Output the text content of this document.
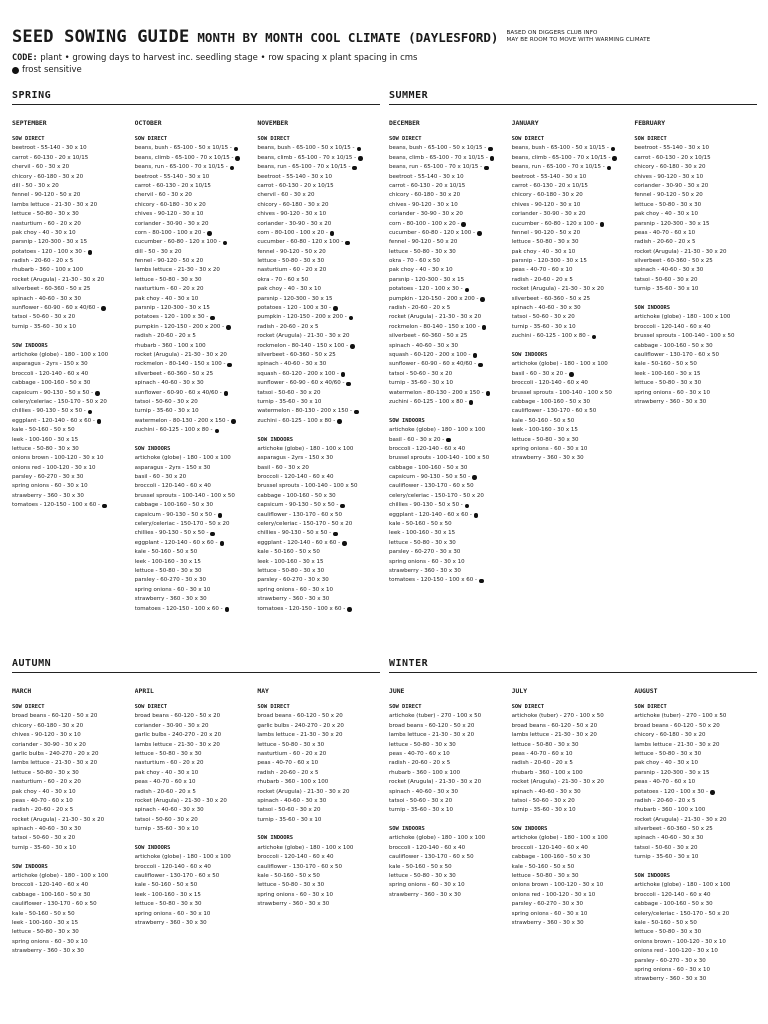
SEED SOWING GUIDE MONTH BY MONTH COOL CLIMATE (DAYLESFORD) BASED ON DIGGERS CLUB INFO
MAY BE ROOM TO MOVE WITH WARMING CLIMATE
CODE: plant • growing days to harvest inc. seedling stage • row spacing x plant spacing in cms
frost sensitive
SPRING
SEPTEMBER
SOW DIRECT
beetroot - 55-140 - 30 x 10
carrot - 60-130 - 20 x 10/15
chervil - 60 - 30 x 20
chicory - 60-180 - 30 x 20
dill - 50 - 30 x 20
fennel - 90-120 - 50 x 20
lambs lettuce - 21-30 - 30 x 20
lettuce - 50-80 - 30 x 30
nasturtium - 60 - 20 x 20
pak choy - 40 - 30 x 10
parsnip - 120-300 - 30 x 15
potatoes - 120 - 100 x 30 -
radish - 20-60 - 20 x 5
rhubarb - 360 - 100 x 100
rocket (Arugula) - 21-30 - 30 x 20
silverbeet - 60-360 - 50 x 25
spinach - 40-60 - 30 x 30
sunflower - 60-90 - 60 x 40/60 -
tatsoi - 50-60 - 30 x 20
turnip - 35-60 - 30 x 10
SOW INDOORS
artichoke (globe) - 180 - 100 x 100
asparagus - 2yrs - 150 x 30
broccoli - 120-140 - 60 x 40
cabbage - 100-160 - 50 x 30
capsicum - 90-130 - 50 x 50 -
celery/celeriac - 150-170 - 50 x 20
chillies - 90-130 - 50 x 50 -
eggplant - 120-140 - 60 x 60 -
kale - 50-160 - 50 x 50
leek - 100-160 - 30 x 15
lettuce - 50-80 - 30 x 30
onions brown - 100-120 - 30 x 10
onions red - 100-120 - 30 x 10
parsley - 60-270 - 30 x 30
spring onions - 60 - 30 x 10
strawberry - 360 - 30 x 30
tomatoes - 120-150 - 100 x 60 -
OCTOBER
SOW DIRECT
beans, bush - 65-100 - 50 x 10/15 -
beans, climb - 65-100 - 70 x 10/15 -
beans, run - 65-100 - 70 x 10/15 -
beetroot - 55-140 - 30 x 10
carrot - 60-130 - 20 x 10/15
chervil - 60 - 30 x 20
chicory - 60-180 - 30 x 20
chives - 90-120 - 30 x 10
coriander - 30-90 - 30 x 20
corn - 80-100 - 100 x 20 -
cucumber - 60-80 - 120 x 100 -
dill - 50 - 30 x 20
fennel - 90-120 - 50 x 20
lambs lettuce - 21-30 - 30 x 20
lettuce - 50-80 - 30 x 30
nasturtium - 60 - 20 x 20
pak choy - 40 - 30 x 10
parsnip - 120-300 - 30 x 15
potatoes - 120 - 100 x 30 -
pumpkin - 120-150 - 200 x 200 -
radish - 20-60 - 20 x 5
rhubarb - 360 - 100 x 100
rocket (Arugula) - 21-30 - 30 x 20
rockmelon - 80-140 - 150 x 100 -
silverbeet - 60-360 - 50 x 25
spinach - 40-60 - 30 x 30
sunflower - 60-90 - 60 x 40/60 -
tatsoi - 50-60 - 30 x 20
turnip - 35-60 - 30 x 10
watermelon - 80-130 - 200 x 150 -
zuchini - 60-125 - 100 x 80 -
SOW INDOORS
artichoke (globe) - 180 - 100 x 100
asparagus - 2yrs - 150 x 30
basil - 60 - 30 x 20
broccoli - 120-140 - 60 x 40
brussel sprouts - 100-140 - 100 x 50
cabbage - 100-160 - 50 x 30
capsicum - 90-130 - 50 x 50 -
celery/celeriac - 150-170 - 50 x 20
chillies - 90-130 - 50 x 50 -
eggplant - 120-140 - 60 x 60 -
kale - 50-160 - 50 x 50
leek - 100-160 - 30 x 15
lettuce - 50-80 - 30 x 30
parsley - 60-270 - 30 x 30
spring onions - 60 - 30 x 10
strawberry - 360 - 30 x 30
tomatoes - 120-150 - 100 x 60 -
NOVEMBER
SOW DIRECT
beans, bush - 65-100 - 50 x 10/15 -
beans, climb - 65-100 - 70 x 10/15 -
beans, run - 65-100 - 70 x 10/15 -
beetroot - 55-140 - 30 x 10
carrot - 60-130 - 20 x 10/15
chervil - 60 - 30 x 20
chicory - 60-180 - 30 x 20
chives - 90-120 - 30 x 10
coriander - 30-90 - 30 x 20
corn - 80-100 - 100 x 20 -
cucumber - 60-80 - 120 x 100 -
fennel - 90-120 - 50 x 20
lettuce - 50-80 - 30 x 30
nasturtium - 60 - 20 x 20
okra - 70 - 60 x 50
pak choy - 40 - 30 x 10
parsnip - 120-300 - 30 x 15
potatoes - 120 - 100 x 30 -
pumpkin - 120-150 - 200 x 200 -
radish - 20-60 - 20 x 5
rocket (Arugula) - 21-30 - 30 x 20
rockmelon - 80-140 - 150 x 100 -
silverbeet - 60-360 - 50 x 25
spinach - 40-60 - 30 x 30
squash - 60-120 - 200 x 100 -
sunflower - 60-90 - 60 x 40/60 -
tatsoi - 50-60 - 30 x 20
turnip - 35-60 - 30 x 10
watermelon - 80-130 - 200 x 150 -
zuchini - 60-125 - 100 x 80 -
SOW INDOORS
artichoke (globe) - 180 - 100 x 100
asparagus - 2yrs - 150 x 30
basil - 60 - 30 x 20
broccoli - 120-140 - 60 x 40
brussel sprouts - 100-140 - 100 x 50
cabbage - 100-160 - 50 x 30
capsicum - 90-130 - 50 x 50 -
cauliflower - 130-170 - 60 x 50
celery/celeriac - 150-170 - 50 x 20
chillies - 90-130 - 50 x 50 -
eggplant - 120-140 - 60 x 60 -
kale - 50-160 - 50 x 50
leek - 100-160 - 30 x 15
lettuce - 50-80 - 30 x 30
parsley - 60-270 - 30 x 30
spring onions - 60 - 30 x 10
strawberry - 360 - 30 x 30
tomatoes - 120-150 - 100 x 60 -
SUMMER
DECEMBER
SOW DIRECT
beans, bush - 65-100 - 50 x 10/15 -
beans, climb - 65-100 - 70 x 10/15 -
beans, run - 65-100 - 70 x 10/15 -
beetroot - 55-140 - 30 x 10
carrot - 60-130 - 20 x 10/15
chicory - 60-180 - 30 x 20
chives - 90-120 - 30 x 10
coriander - 30-90 - 30 x 20
corn - 80-100 - 100 x 20 -
cucumber - 60-80 - 120 x 100 -
fennel - 90-120 - 50 x 20
lettuce - 50-80 - 30 x 30
okra - 70 - 60 x 50
pak choy - 40 - 30 x 10
parsnip - 120-300 - 30 x 15
potatoes - 120 - 100 x 30 -
pumpkin - 120-150 - 200 x 200 -
radish - 20-60 - 20 x 5
rocket (Arugula) - 21-30 - 30 x 20
rockmelon - 80-140 - 150 x 100 -
silverbeet - 60-360 - 50 x 25
spinach - 40-60 - 30 x 30
squash - 60-120 - 200 x 100 -
sunflower - 60-90 - 60 x 40/60 -
tatsoi - 50-60 - 30 x 20
turnip - 35-60 - 30 x 10
watermelon - 80-130 - 200 x 150 -
zuchini - 60-125 - 100 x 80 -
SOW INDOORS
artichoke (globe) - 180 - 100 x 100
basil - 60 - 30 x 20 -
broccoli - 120-140 - 60 x 40
brussel sprouts - 100-140 - 100 x 50
cabbage - 100-160 - 50 x 30
capsicum - 90-130 - 50 x 50 -
cauliflower - 130-170 - 60 x 50
celery/celeriac - 150-170 - 50 x 20
chillies - 90-130 - 50 x 50 -
eggplant - 120-140 - 60 x 60 -
kale - 50-160 - 50 x 50
leek - 100-160 - 30 x 15
lettuce - 50-80 - 30 x 30
parsley - 60-270 - 30 x 30
spring onions - 60 - 30 x 10
strawberry - 360 - 30 x 30
tomatoes - 120-150 - 100 x 60 -
JANUARY
SOW DIRECT
beans, bush - 65-100 - 50 x 10/15 -
beans, climb - 65-100 - 70 x 10/15 -
beans, run - 65-100 - 70 x 10/15 -
beetroot - 55-140 - 30 x 10
carrot - 60-130 - 20 x 10/15
chicory - 60-180 - 30 x 20
chives - 90-120 - 30 x 10
coriander - 30-90 - 30 x 20
cucumber - 60-80 - 120 x 100 -
fennel - 90-120 - 50 x 20
lettuce - 50-80 - 30 x 30
pak choy - 40 - 30 x 10
parsnip - 120-300 - 30 x 15
peas - 40-70 - 60 x 10
radish - 20-60 - 20 x 5
rocket (Arugula) - 21-30 - 30 x 20
silverbeet - 60-360 - 50 x 25
spinach - 40-60 - 30 x 30
tatsoi - 50-60 - 30 x 20
turnip - 35-60 - 30 x 10
zuchini - 60-125 - 100 x 80 -
SOW INDOORS
artichoke (globe) - 180 - 100 x 100
basil - 60 - 30 x 20 -
broccoli - 120-140 - 60 x 40
brussel sprouts - 100-140 - 100 x 50
cabbage - 100-160 - 50 x 30
cauliflower - 130-170 - 60 x 50
kale - 50-160 - 50 x 50
leek - 100-160 - 30 x 15
lettuce - 50-80 - 30 x 30
spring onions - 60 - 30 x 10
strawberry - 360 - 30 x 30
FEBRUARY
SOW DIRECT
beetroot - 55-140 - 30 x 10
carrot - 60-130 - 20 x 10/15
chicory - 60-180 - 30 x 20
chives - 90-120 - 30 x 10
coriander - 30-90 - 30 x 20
fennel - 90-120 - 50 x 20
lettuce - 50-80 - 30 x 30
pak choy - 40 - 30 x 10
parsnip - 120-300 - 30 x 15
peas - 40-70 - 60 x 10
radish - 20-60 - 20 x 5
rocket (Arugula) - 21-30 - 30 x 20
silverbeet - 60-360 - 50 x 25
spinach - 40-60 - 30 x 30
tatsoi - 50-60 - 30 x 20
turnip - 35-60 - 30 x 10
SOW INDOORS
artichoke (globe) - 180 - 100 x 100
broccoli - 120-140 - 60 x 40
brussel sprouts - 100-140 - 100 x 50
cabbage - 100-160 - 50 x 30
cauliflower - 130-170 - 60 x 50
kale - 50-160 - 50 x 50
leek - 100-160 - 30 x 15
lettuce - 50-80 - 30 x 30
spring onions - 60 - 30 x 10
strawberry - 360 - 30 x 30
AUTUMN
MARCH
SOW DIRECT
broad beans - 60-120 - 50 x 20
chicory - 60-180 - 30 x 20
chives - 90-120 - 30 x 10
coriander - 30-90 - 30 x 20
garlic bulbs - 240-270 - 20 x 20
lambs lettuce - 21-30 - 30 x 20
lettuce - 50-80 - 30 x 30
nasturtium - 60 - 20 x 20
pak choy - 40 - 30 x 10
peas - 40-70 - 60 x 10
radish - 20-60 - 20 x 5
rocket (Arugula) - 21-30 - 30 x 20
spinach - 40-60 - 30 x 30
tatsoi - 50-60 - 30 x 20
turnip - 35-60 - 30 x 10
SOW INDOORS
artichoke (globe) - 180 - 100 x 100
broccoli - 120-140 - 60 x 40
cabbage - 100-160 - 50 x 30
cauliflower - 130-170 - 60 x 50
kale - 50-160 - 50 x 50
leek - 100-160 - 30 x 15
lettuce - 50-80 - 30 x 30
spring onions - 60 - 30 x 10
strawberry - 360 - 30 x 30
APRIL
SOW DIRECT
broad beans - 60-120 - 50 x 20
coriander - 30-90 - 30 x 20
garlic bulbs - 240-270 - 20 x 20
lambs lettuce - 21-30 - 30 x 20
lettuce - 50-80 - 30 x 30
nasturtium - 60 - 20 x 20
pak choy - 40 - 30 x 10
peas - 40-70 - 60 x 10
radish - 20-60 - 20 x 5
rocket (Arugula) - 21-30 - 30 x 20
spinach - 40-60 - 30 x 30
tatsoi - 50-60 - 30 x 20
turnip - 35-60 - 30 x 10
SOW INDOORS
artichoke (globe) - 180 - 100 x 100
broccoli - 120-140 - 60 x 40
cauliflower - 130-170 - 60 x 50
kale - 50-160 - 50 x 50
leek - 100-160 - 30 x 15
lettuce - 50-80 - 30 x 30
spring onions - 60 - 30 x 10
strawberry - 360 - 30 x 30
MAY
SOW DIRECT
broad beans - 60-120 - 50 x 20
garlic bulbs - 240-270 - 20 x 20
lambs lettuce - 21-30 - 30 x 20
lettuce - 50-80 - 30 x 30
nasturtium - 60 - 20 x 20
peas - 40-70 - 60 x 10
radish - 20-60 - 20 x 5
rhubarb - 360 - 100 x 100
rocket (Arugula) - 21-30 - 30 x 20
spinach - 40-60 - 30 x 30
tatsoi - 50-60 - 30 x 20
turnip - 35-60 - 30 x 10
SOW INDOORS
artichoke (globe) - 180 - 100 x 100
broccoli - 120-140 - 60 x 40
cauliflower - 130-170 - 60 x 50
kale - 50-160 - 50 x 50
lettuce - 50-80 - 30 x 30
spring onions - 60 - 30 x 10
strawberry - 360 - 30 x 30
WINTER
JUNE
SOW DIRECT
artichoke (tuber) - 270 - 100 x 50
broad beans - 60-120 - 50 x 20
lambs lettuce - 21-30 - 30 x 20
lettuce - 50-80 - 30 x 30
peas - 40-70 - 60 x 10
radish - 20-60 - 20 x 5
rhubarb - 360 - 100 x 100
rocket (Arugula) - 21-30 - 30 x 20
spinach - 40-60 - 30 x 30
tatsoi - 50-60 - 30 x 20
turnip - 35-60 - 30 x 10
SOW INDOORS
artichoke (globe) - 180 - 100 x 100
broccoli - 120-140 - 60 x 40
cauliflower - 130-170 - 60 x 50
kale - 50-160 - 50 x 50
lettuce - 50-80 - 30 x 30
spring onions - 60 - 30 x 10
strawberry - 360 - 30 x 30
JULY
SOW DIRECT
artichoke (tuber) - 270 - 100 x 50
broad beans - 60-120 - 50 x 20
lambs lettuce - 21-30 - 30 x 20
lettuce - 50-80 - 30 x 30
peas - 40-70 - 60 x 10
radish - 20-60 - 20 x 5
rhubarb - 360 - 100 x 100
rocket (Arugula) - 21-30 - 30 x 20
spinach - 40-60 - 30 x 30
tatsoi - 50-60 - 30 x 20
turnip - 35-60 - 30 x 10
SOW INDOORS
artichoke (globe) - 180 - 100 x 100
broccoli - 120-140 - 60 x 40
cabbage - 100-160 - 50 x 30
kale - 50-160 - 50 x 50
lettuce - 50-80 - 30 x 30
onions brown - 100-120 - 30 x 10
onions red - 100-120 - 30 x 10
parsley - 60-270 - 30 x 30
spring onions - 60 - 30 x 10
strawberry - 360 - 30 x 30
AUGUST
SOW DIRECT
artichoke (tuber) - 270 - 100 x 50
broad beans - 60-120 - 50 x 20
chicory - 60-180 - 30 x 20
lambs lettuce - 21-30 - 30 x 20
lettuce - 50-80 - 30 x 30
pak choy - 40 - 30 x 10
parsnip - 120-300 - 30 x 15
peas - 40-70 - 60 x 10
potatoes - 120 - 100 x 30 -
radish - 20-60 - 20 x 5
rhubarb - 360 - 100 x 100
rocket (Arugula) - 21-30 - 30 x 20
silverbeet - 60-360 - 50 x 25
spinach - 40-60 - 30 x 30
tatsoi - 50-60 - 30 x 20
turnip - 35-60 - 30 x 10
SOW INDOORS
artichoke (globe) - 180 - 100 x 100
broccoli - 120-140 - 60 x 40
cabbage - 100-160 - 50 x 30
celery/celeriac - 150-170 - 50 x 20
kale - 50-160 - 50 x 50
lettuce - 50-80 - 30 x 30
onions brown - 100-120 - 30 x 10
onions red - 100-120 - 30 x 10
parsley - 60-270 - 30 x 30
spring onions - 60 - 30 x 10
strawberry - 360 - 30 x 30
